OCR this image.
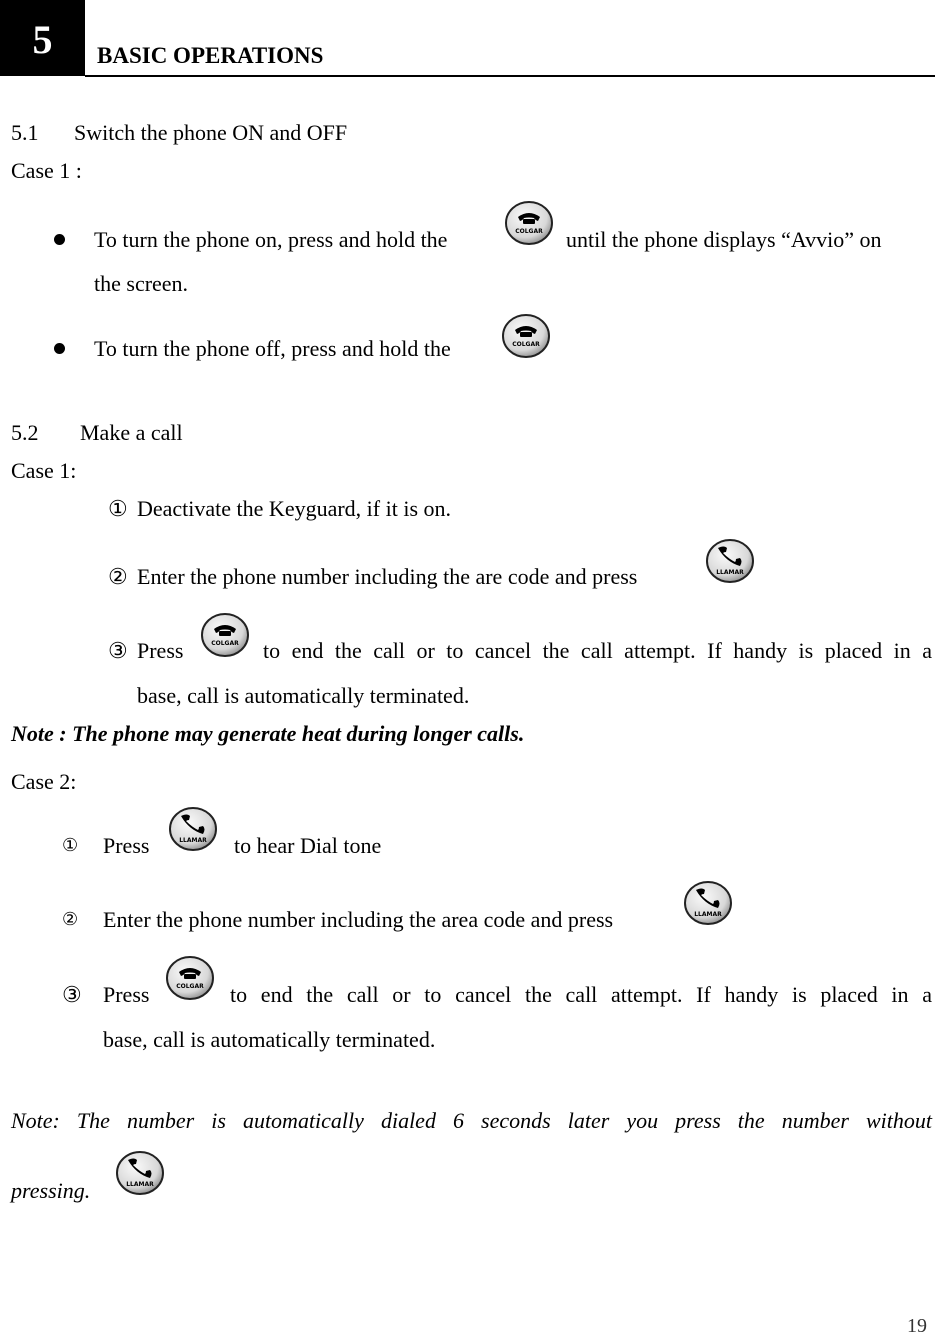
5	BASIC OPERATIONS
5.1 Switch the phone ON and OFF
Case 1 :
To turn the phone on, press and hold the	COLGAR until the phone displays “Avvio” on
the screen.
To turn the phone off, press and hold the	COLGAR
5.2 Make a call
Case 1:
① Deactivate the Keyguard, if it is on.
② Enter the phone number including the are code and press	LLAMAR
③ Press	COLGAR to end the call or to cancel the call attempt. If handy is placed in a
base, call is automatically terminated.
Note : The phone may generate heat during longer calls.
Case 2:
① Press	LLAMAR to hear Dial tone
② Enter the phone number including the area code and press	LLAMAR
③ Press	COLGAR to end the call or to cancel the call attempt. If handy is placed in a
base, call is automatically terminated.
Note: The number is automatically dialed 6 seconds later you press the number without
pressing.	LLAMAR
19
